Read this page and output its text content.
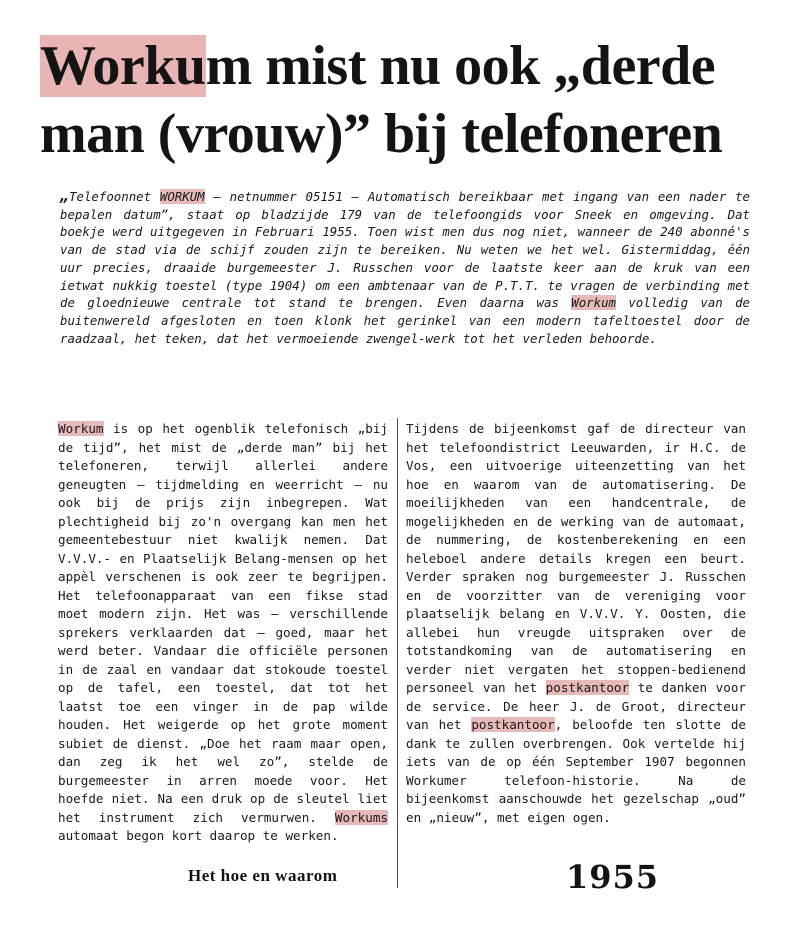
Workum mist nu ook „derde
man (vrouw)” bij telefoneren

„Telefoonnet WORKUM — netnummer 05151 — Automatisch bereikbaar met ingang van een nader te bepalen datum”, staat op bladzijde 179 van de telefoongids voor Sneek en omgeving. Dat boekje werd uitgegeven in Februari 1955. Toen wist men dus nog niet, wanneer de 240 abonné's van de stad via de schijf zouden zijn te bereiken. Nu weten we het wel. Gistermiddag, één uur precies, draaide burgemeester J. Russchen voor de laatste keer aan de kruk van een ietwat nukkig toestel (type 1904) om een ambtenaar van de P.T.T. te vragen de verbinding met de gloednieuwe centrale tot stand te brengen. Even daarna was Workum volledig van de buitenwereld afgesloten en toen klonk het gerinkel van een modern tafeltoestel door de raadzaal, het teken, dat het vermoeiende zwengel-werk tot het verleden behoorde.

Workum is op het ogenblik telefonisch „bij de tijd”, het mist de „derde man” bij het telefoneren, terwijl allerlei andere geneugten — tijdmelding en weerricht — nu ook bij de prijs zijn inbegrepen. Wat plechtigheid bij zo'n overgang kan men het gemeentebestuur niet kwalijk nemen. Dat V.V.V.- en Plaatselijk Belang-mensen op het appèl verschenen is ook zeer te begrijpen. Het telefoonapparaat van een fikse stad moet modern zijn. Het was — verschillende sprekers verklaarden dat — goed, maar het werd beter. Vandaar die officiële personen in de zaal en vandaar dat stokoude toestel op de tafel, een toestel, dat tot het laatst toe een vinger in de pap wilde houden. Het weigerde op het grote moment subiet de dienst. „Doe het raam maar open, dan zeg ik het wel zo”, stelde de burgemeester in arren moede voor. Het hoefde niet. Na een druk op de sleutel liet het instrument zich vermurwen. Workums automaat begon kort daarop te werken.

Tijdens de bijeenkomst gaf de directeur van het telefoondistrict Leeuwarden, ir H.C. de Vos, een uitvoerige uiteenzetting van het hoe en waarom van de automatisering. De moeilijkheden van een handcentrale, de mogelijkheden en de werking van de automaat, de nummering, de kostenberekening en een heleboel andere details kregen een beurt. Verder spraken nog burgemeester J. Russchen en de voorzitter van de vereniging voor plaatselijk belang en V.V.V. Y. Oosten, die allebei hun vreugde uitspraken over de totstandkoming van de automatisering en verder niet vergaten het stoppen-bedienend personeel van het postkantoor te danken voor de service. De heer J. de Groot, directeur van het postkantoor, beloofde ten slotte de dank te zullen overbrengen. Ook vertelde hij iets van de op één September 1907 begonnen Workumer telefoon-historie. Na de bijeenkomst aanschouwde het gezelschap „oud” en „nieuw”, met eigen ogen.

Het hoe en waarom	1955
